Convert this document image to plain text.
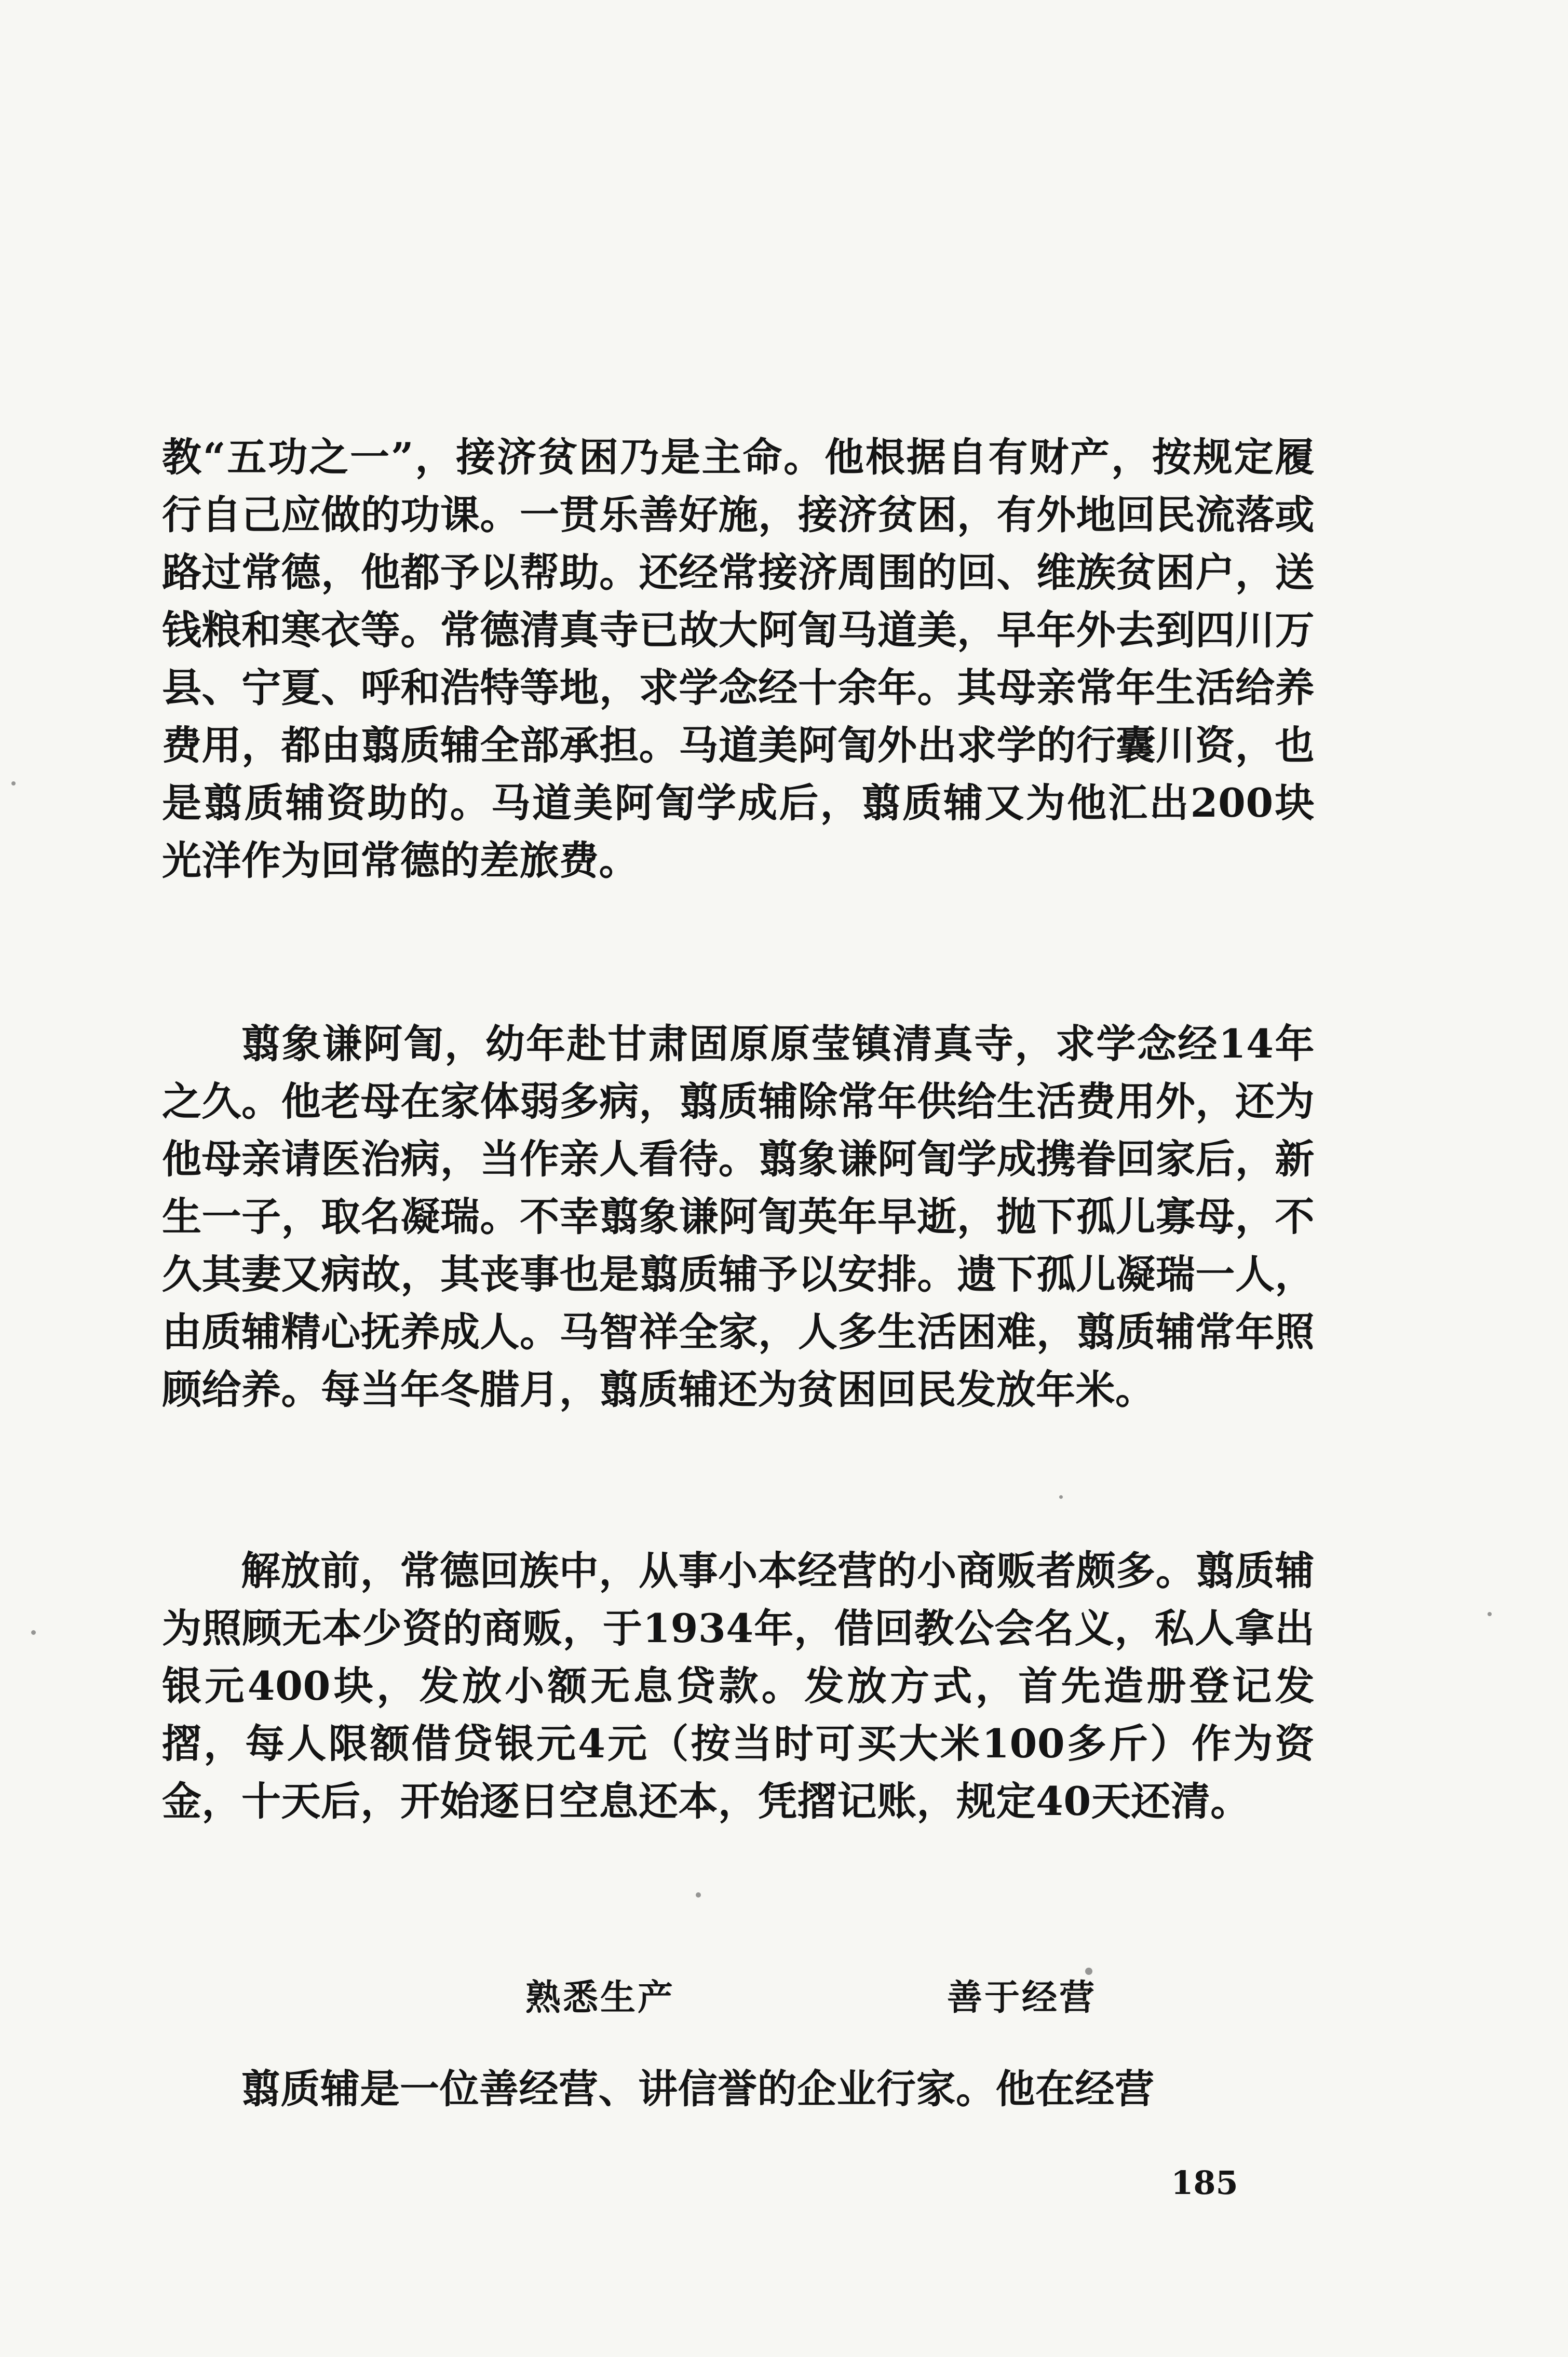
教“五功之一”，接济贫困乃是主命。他根据自有财产，按规定履行自己应做的功课。一贯乐善好施，接济贫困，有外地回民流落或路过常德，他都予以帮助。还经常接济周围的回、维族贫困户，送钱粮和寒衣等。常德清真寺已故大阿訇马道美，早年外去到四川万县、宁夏、呼和浩特等地，求学念经十余年。其母亲常年生活给养费用，都由翦质辅全部承担。马道美阿訇外出求学的行囊川资，也是翦质辅资助的。马道美阿訇学成后，翦质辅又为他汇出200块光洋作为回常德的差旅费。

翦象谦阿訇，幼年赴甘肃固原原莹镇清真寺，求学念经14年之久。他老母在家体弱多病，翦质辅除常年供给生活费用外，还为他母亲请医治病，当作亲人看待。翦象谦阿訇学成携眷回家后，新生一子，取名凝瑞。不幸翦象谦阿訇英年早逝，抛下孤儿寡母，不久其妻又病故，其丧事也是翦质辅予以安排。遗下孤儿凝瑞一人，由质辅精心抚养成人。马智祥全家，人多生活困难，翦质辅常年照顾给养。每当年冬腊月，翦质辅还为贫困回民发放年米。

解放前，常德回族中，从事小本经营的小商贩者颇多。翦质辅为照顾无本少资的商贩，于1934年，借回教公会名义，私人拿出银元400块，发放小额无息贷款。发放方式，首先造册登记发摺，每人限额借贷银元4元（按当时可买大米100多斤）作为资金，十天后，开始逐日空息还本，凭摺记账，规定40天还清。

熟悉生产	善于经营

翦质辅是一位善经营、讲信誉的企业行家。他在经营

185
